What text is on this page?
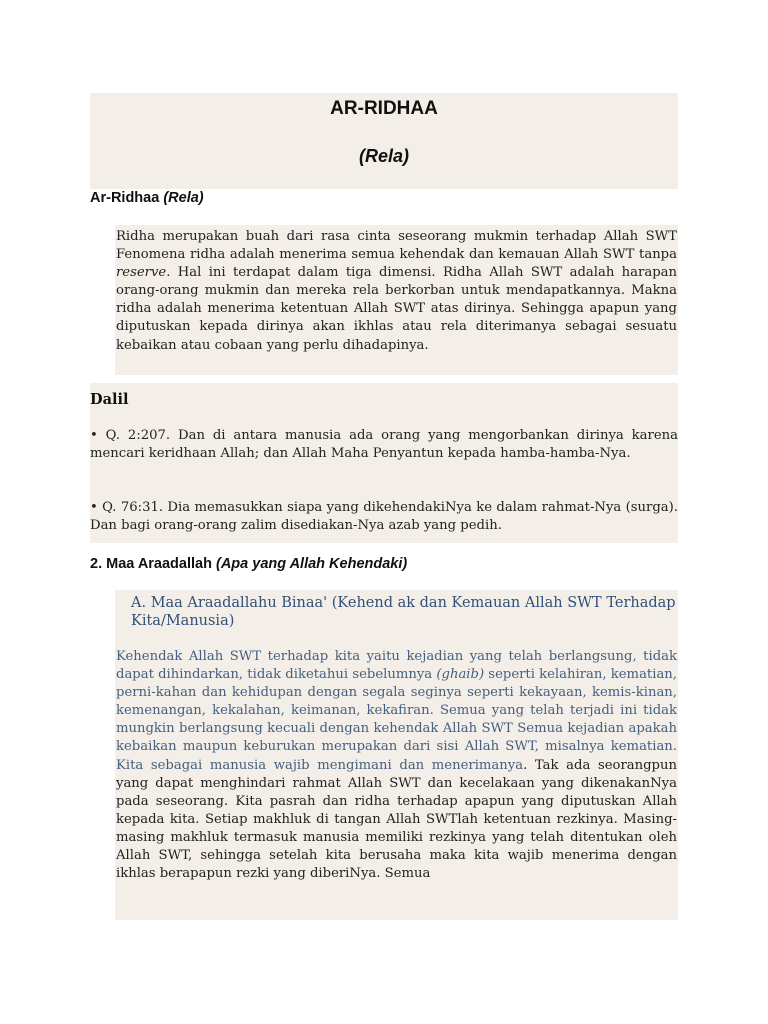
AR-RIDHAA
(Rela)
Ar-Ridhaa (Rela)

Ridha merupakan buah dari rasa cinta seseorang mukmin terhadap Allah SWT Fenomena ridha adalah menerima semua kehendak dan kemauan Allah SWT tanpa reserve. Hal ini terdapat dalam tiga dimensi. Ridha Allah SWT adalah harapan orang-orang mukmin dan mereka rela berkorban untuk mendapatkannya. Makna ridha adalah menerima ketentuan Allah SWT atas dirinya. Sehingga apapun yang diputuskan kepada dirinya akan ikhlas atau rela diterimanya sebagai sesuatu kebaikan atau cobaan yang perlu dihadapinya.

Dalil

• Q. 2:207. Dan di antara manusia ada orang yang mengorbankan dirinya karena mencari keridhaan Allah; dan Allah Maha Penyantun kepada hamba-hamba-Nya.

• Q. 76:31. Dia memasukkan siapa yang dikehendakiNya ke dalam rahmat-Nya (surga). Dan bagi orang-orang zalim disediakan-Nya azab yang pedih.

2. Maa Araadallah (Apa yang Allah Kehendaki)

A. Maa Araadallahu Binaa' (Kehend ak dan Kemauan Allah SWT Terhadap Kita/Manusia)

Kehendak Allah SWT terhadap kita yaitu kejadian yang telah berlangsung, tidak dapat dihindarkan, tidak diketahui sebelumnya (ghaib) seperti kelahiran, kematian, perni-kahan dan kehidupan dengan segala seginya seperti kekayaan, kemis-kinan, kemenangan, kekalahan, keimanan, kekafiran. Semua yang telah terjadi ini tidak mungkin berlangsung kecuali dengan kehendak Allah SWT Semua kejadian apakah kebaikan maupun keburukan merupakan dari sisi Allah SWT, misalnya kematian. Kita sebagai manusia wajib mengimani dan menerimanya. Tak ada seorangpun yang dapat menghindari rahmat Allah SWT dan kecelakaan yang dikenakanNya pada seseorang. Kita pasrah dan ridha terhadap apapun yang diputuskan Allah kepada kita. Setiap makhluk di tangan Allah SWTlah ketentuan rezkinya. Masing-masing makhluk termasuk manusia memiliki rezkinya yang telah ditentukan oleh Allah SWT, sehingga setelah kita berusaha maka kita wajib menerima dengan ikhlas berapapun rezki yang diberiNya. Semua
